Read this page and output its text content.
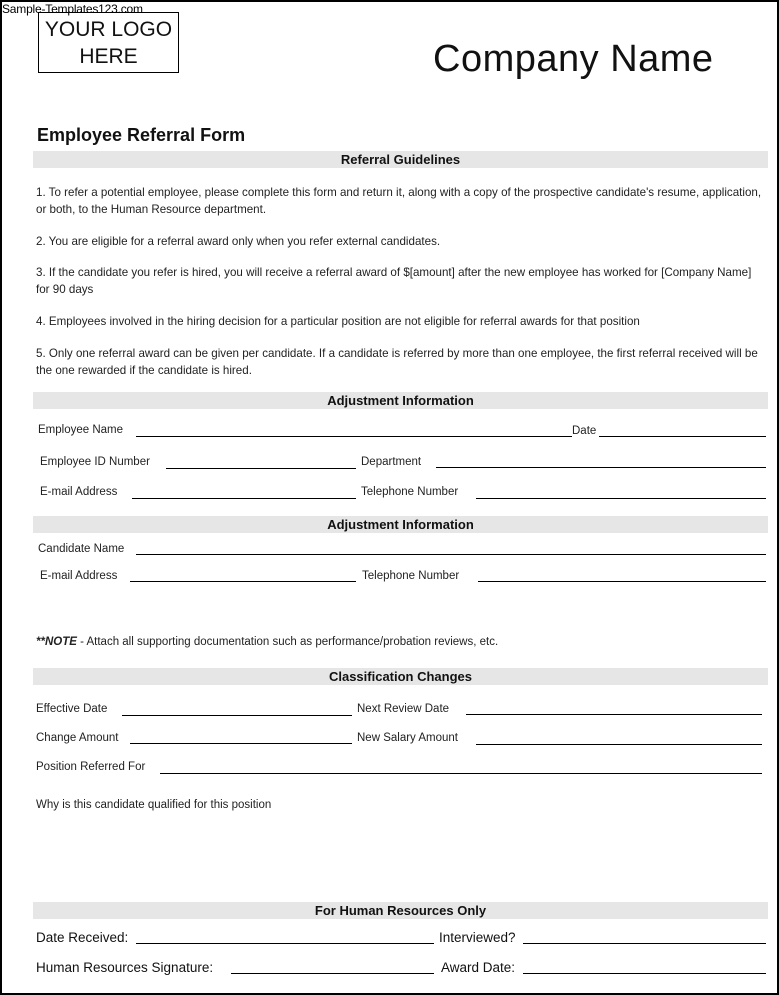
Sample-Templates123.com
YOUR LOGO
HERE	Company Name
Employee Referral Form
Referral Guidelines
1. To refer a potential employee, please complete this form and return it, along with a copy of the prospective candidate's resume, application, or both, to the Human Resource department.
2. You are eligible for a referral award only when you refer external candidates.
3. If the candidate you refer is hired, you will receive a referral award of $[amount] after the new employee has worked for [Company Name] for 90 days
4. Employees involved in the hiring decision for a particular position are not eligible for referral awards for that position
5. Only one referral award can be given per candidate. If a candidate is referred by more than one employee, the first referral received will be the one rewarded if the candidate is hired.
Adjustment Information
Employee Name	Date
Employee ID Number	Department
E-mail Address	Telephone Number
Adjustment Information
Candidate Name
E-mail Address	Telephone Number
**NOTE - Attach all supporting documentation such as performance/probation reviews, etc.
Classification Changes
Effective Date	Next Review Date
Change Amount	New Salary Amount
Position Referred For
Why is this candidate qualified for this position
For Human Resources Only
Date Received:	Interviewed?
Human Resources Signature:	Award Date:
